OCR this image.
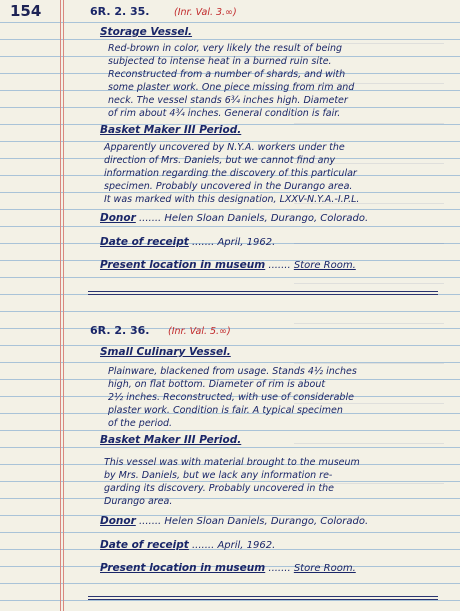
154	6R. 2. 35.	(Inr. Val. 3.∞)
Storage Vessel.
Red-brown in color, very likely the result of being
subjected to intense heat in a burned ruin site.
Reconstructed from a number of shards, and with
some plaster work. One piece missing from rim and
neck. The vessel stands 6¾ inches high. Diameter
of rim about 4¾ inches. General condition is fair.
Basket Maker III Period.
Apparently uncovered by N.Y.A. workers under the
direction of Mrs. Daniels, but we cannot find any
information regarding the discovery of this particular
specimen. Probably uncovered in the Durango area.
It was marked with this designation, LXXV-N.Y.A.-I.P.L.
Donor ....... Helen Sloan Daniels, Durango, Colorado.
Date of receipt ....... April, 1962.
Present location in museum ....... Store Room.
6R. 2. 36. (Inr. Val. 5.∞)
Small Culinary Vessel.
Plainware, blackened from usage. Stands 4½ inches
high, on flat bottom. Diameter of rim is about
2½ inches. Reconstructed, with use of considerable
plaster work. Condition is fair. A typical specimen
of the period.
Basket Maker III Period.
This vessel was with material brought to the museum
by Mrs. Daniels, but we lack any information re-
garding its discovery. Probably uncovered in the
Durango area.
Donor ....... Helen Sloan Daniels, Durango, Colorado.
Date of receipt ....... April, 1962.
Present location in museum ....... Store Room.
